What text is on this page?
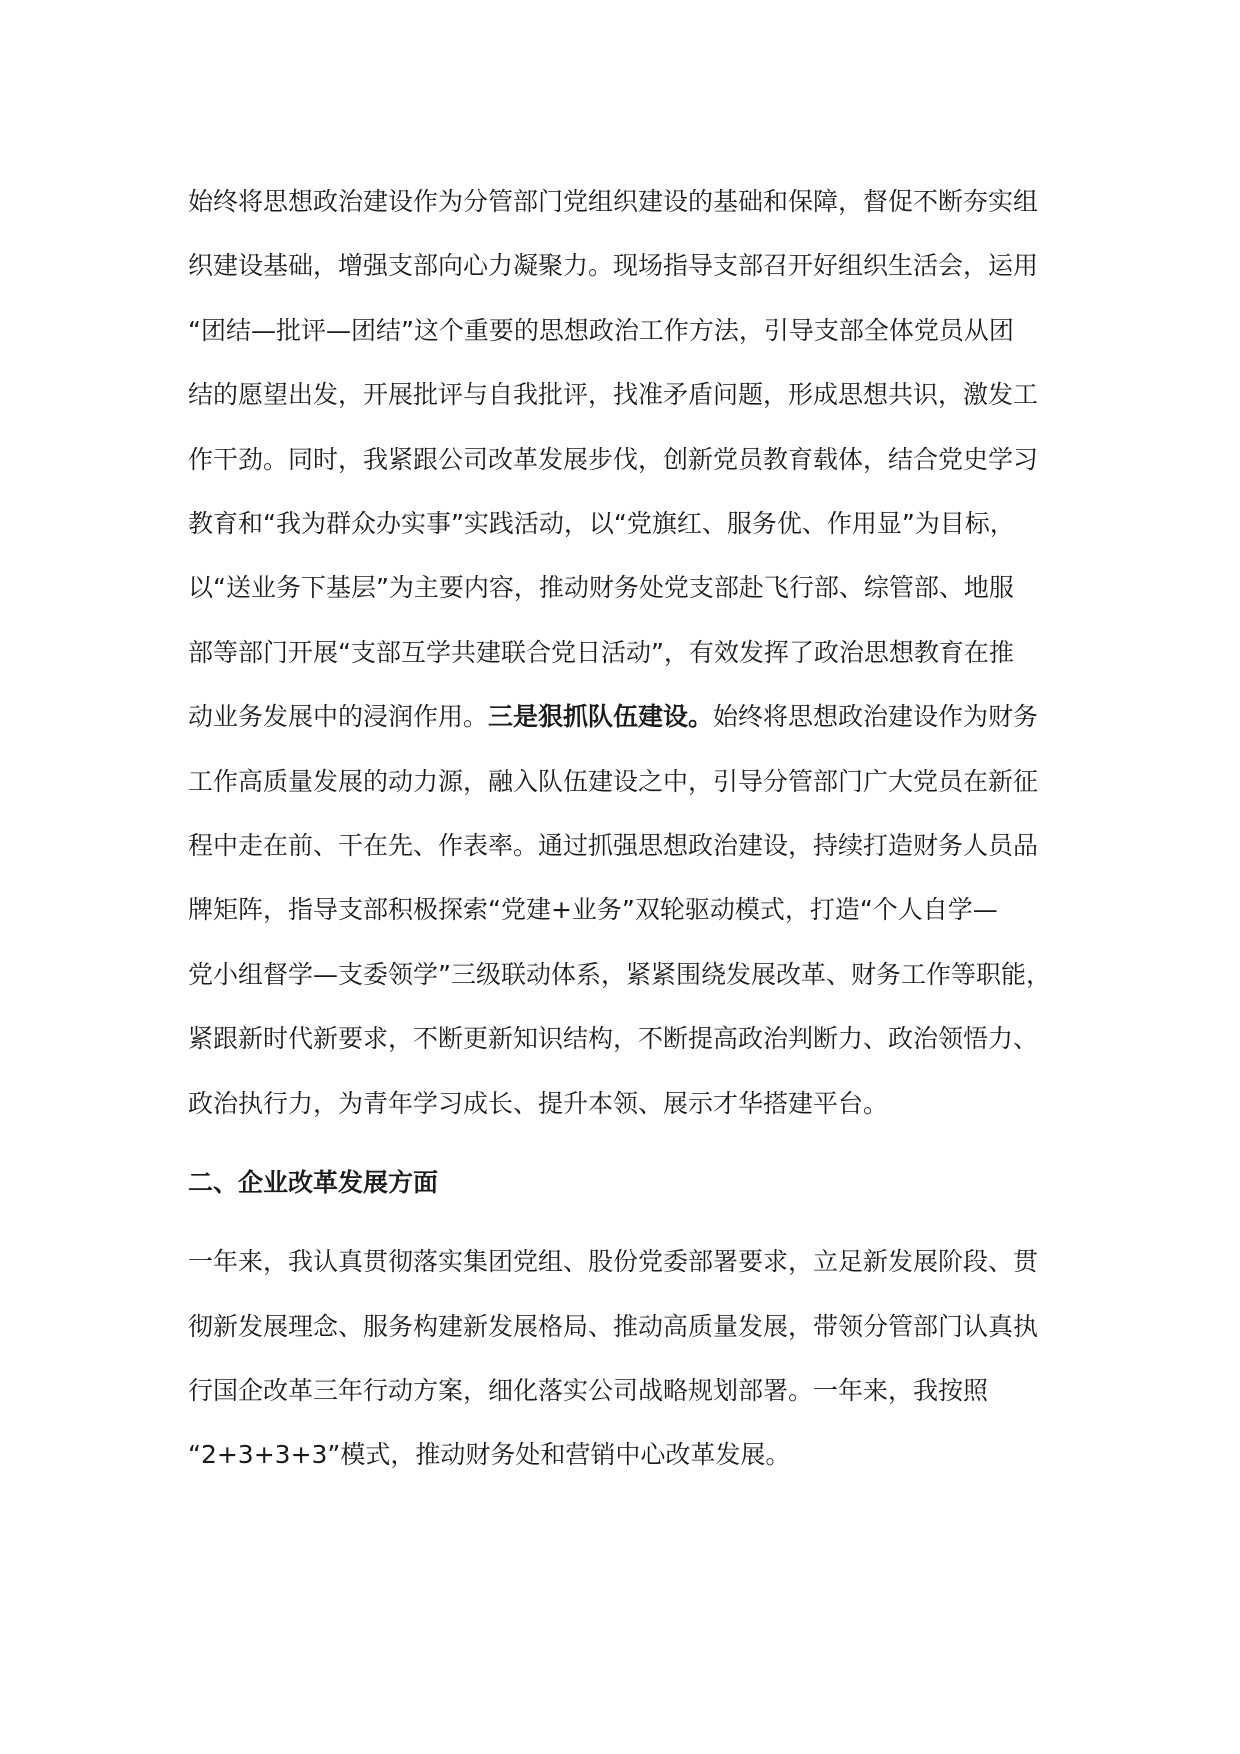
始终将思想政治建设作为分管部门党组织建设的基础和保障，督促不断夯实组
织建设基础，增强支部向心力凝聚力。现场指导支部召开好组织生活会，运用
“团结—批评—团结”这个重要的思想政治工作方法，引导支部全体党员从团
结的愿望出发，开展批评与自我批评，找准矛盾问题，形成思想共识，激发工
作干劲。同时，我紧跟公司改革发展步伐，创新党员教育载体，结合党史学习
教育和“我为群众办实事”实践活动，以“党旗红、服务优、作用显”为目标，
以“送业务下基层”为主要内容，推动财务处党支部赴飞行部、综管部、地服
部等部门开展“支部互学共建联合党日活动”，有效发挥了政治思想教育在推
动业务发展中的浸润作用。三是狠抓队伍建设。始终将思想政治建设作为财务
工作高质量发展的动力源，融入队伍建设之中，引导分管部门广大党员在新征
程中走在前、干在先、作表率。通过抓强思想政治建设，持续打造财务人员品
牌矩阵，指导支部积极探索“党建+业务”双轮驱动模式，打造“个人自学—
党小组督学—支委领学”三级联动体系，紧紧围绕发展改革、财务工作等职能，
紧跟新时代新要求，不断更新知识结构，不断提高政治判断力、政治领悟力、
政治执行力，为青年学习成长、提升本领、展示才华搭建平台。

二、企业改革发展方面

一年来，我认真贯彻落实集团党组、股份党委部署要求，立足新发展阶段、贯
彻新发展理念、服务构建新发展格局、推动高质量发展，带领分管部门认真执
行国企改革三年行动方案，细化落实公司战略规划部署。一年来，我按照
“2+3+3+3”模式，推动财务处和营销中心改革发展。
